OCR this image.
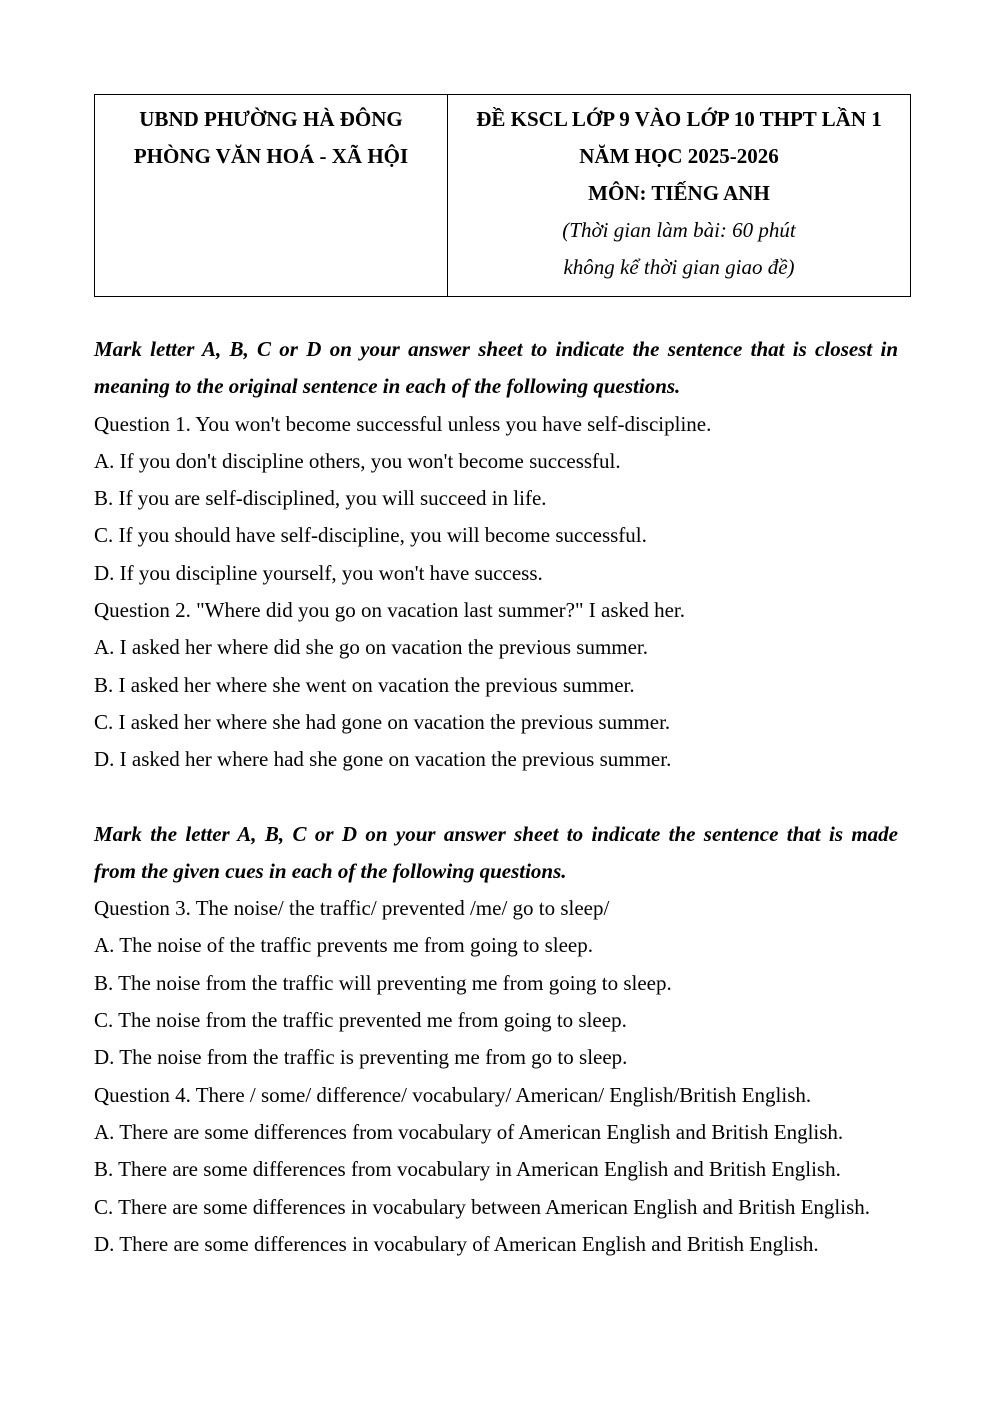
UBND PHƯỜNG HÀ ĐÔNG
PHÒNG VĂN HOÁ - XÃ HỘI

ĐỀ KSCL LỚP 9 VÀO LỚP 10 THPT LẦN 1
NĂM HỌC 2025-2026
MÔN: TIẾNG ANH
(Thời gian làm bài: 60 phút
không kể thời gian giao đề)
Mark letter A, B, C or D on your answer sheet to indicate the sentence that is closest in
meaning to the original sentence in each of the following questions.
Question 1. You won't become successful unless you have self-discipline.
A. If you don't discipline others, you won't become successful.
B. If you are self-disciplined, you will succeed in life.
C. If you should have self-discipline, you will become successful.
D. If you discipline yourself, you won't have success.
Question 2. "Where did you go on vacation last summer?" I asked her.
A. I asked her where did she go on vacation the previous summer.
B. I asked her where she went on vacation the previous summer.
C. I asked her where she had gone on vacation the previous summer.
D. I asked her where had she gone on vacation the previous summer.
Mark the letter A, B, C or D on your answer sheet to indicate the sentence that is made
from the given cues in each of the following questions.
Question 3. The noise/ the traffic/ prevented /me/ go to sleep/
A. The noise of the traffic prevents me from going to sleep.
B. The noise from the traffic will preventing me from going to sleep.
C. The noise from the traffic prevented me from going to sleep.
D. The noise from the traffic is preventing me from go to sleep.
Question 4. There / some/ difference/ vocabulary/ American/ English/British English.
A. There are some differences from vocabulary of American English and British English.
B. There are some differences from vocabulary in American English and British English.
C. There are some differences in vocabulary between American English and British English.
D. There are some differences in vocabulary of American English and British English.
